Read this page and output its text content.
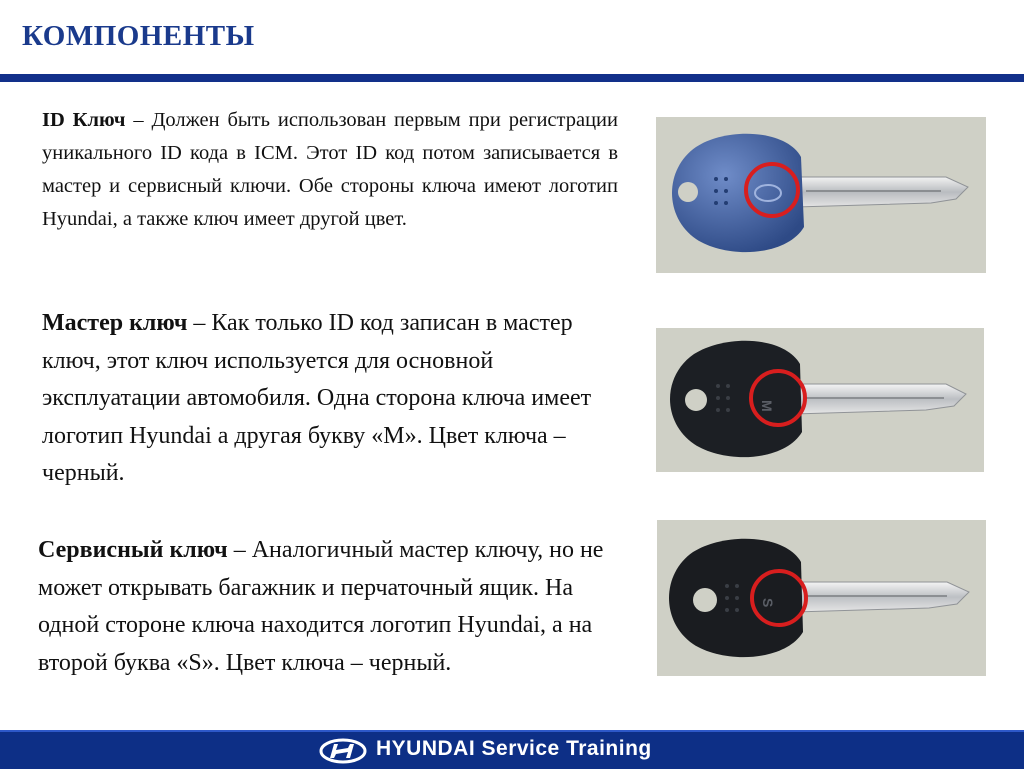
КОМПОНЕНТЫ

ID Ключ – Должен быть использован первым при регистрации уникального ID кода в ICM. Этот ID код потом записывается в мастер и сервисный ключи. Обе стороны ключа имеют логотип Hyundai, а также ключ имеет другой цвет.

Мастер ключ – Как только ID код записан в мастер ключ, этот ключ используется для основной эксплуатации автомобиля. Одна сторона ключа имеет логотип Hyundai а другая букву «М». Цвет ключа – черный.

Сервисный ключ – Аналогичный мастер ключу, но не может открывать багажник и перчаточный ящик. На одной стороне ключа находится логотип Hyundai, а на второй буква «S». Цвет ключа – черный.

M
S
HYUNDAI Service Training
